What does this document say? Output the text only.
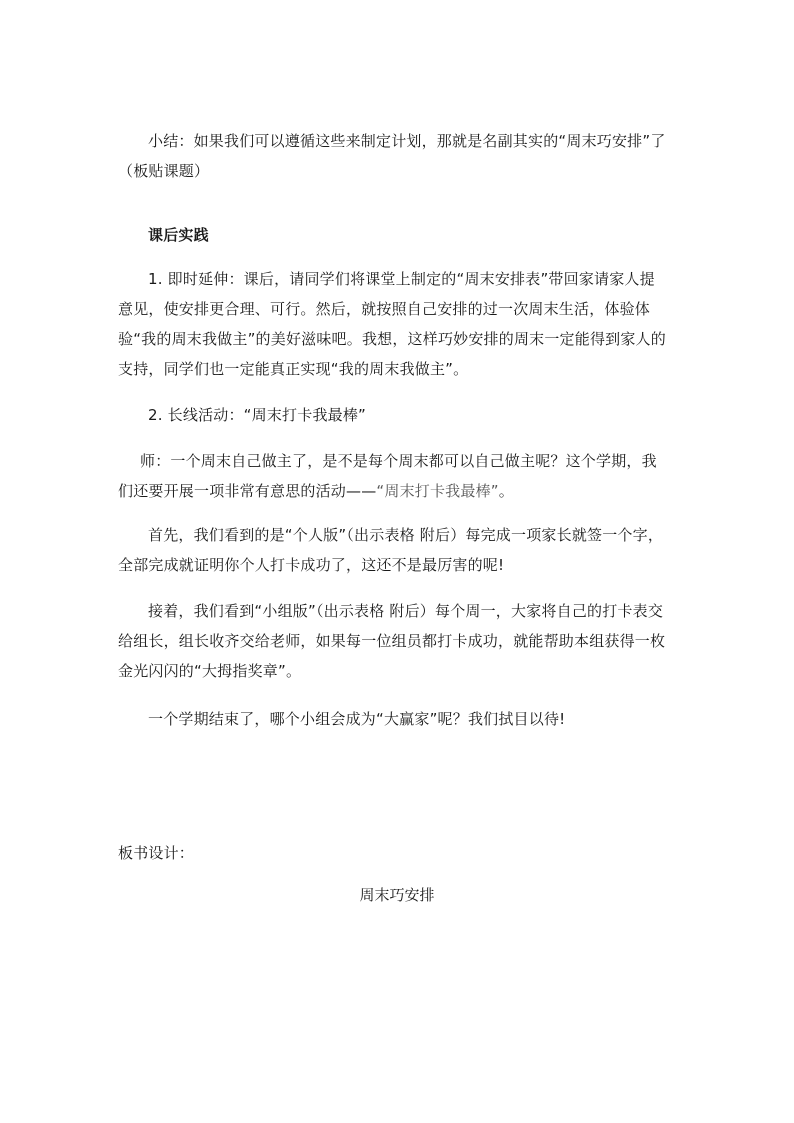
小结：如果我们可以遵循这些来制定计划，那就是名副其实的“周末巧安排”了（板贴课题）

课后实践

1. 即时延伸：课后，请同学们将课堂上制定的“周末安排表”带回家请家人提意见，使安排更合理、可行。然后，就按照自己安排的过一次周末生活，体验体验“我的周末我做主”的美好滋味吧。我想，这样巧妙安排的周末一定能得到家人的支持，同学们也一定能真正实现“我的周末我做主”。

2. 长线活动：“周末打卡我最棒”

师：一个周末自己做主了，是不是每个周末都可以自己做主呢？这个学期，我们还要开展一项非常有意思的活动——“周末打卡我最棒”。

首先，我们看到的是“个人版”（出示表格 附后）每完成一项家长就签一个字，全部完成就证明你个人打卡成功了，这还不是最厉害的呢!

接着，我们看到“小组版”（出示表格 附后）每个周一，大家将自己的打卡表交给组长，组长收齐交给老师，如果每一位组员都打卡成功，就能帮助本组获得一枚金光闪闪的“大拇指奖章”。

一个学期结束了，哪个小组会成为“大赢家”呢？我们拭目以待!

板书设计：

周末巧安排
